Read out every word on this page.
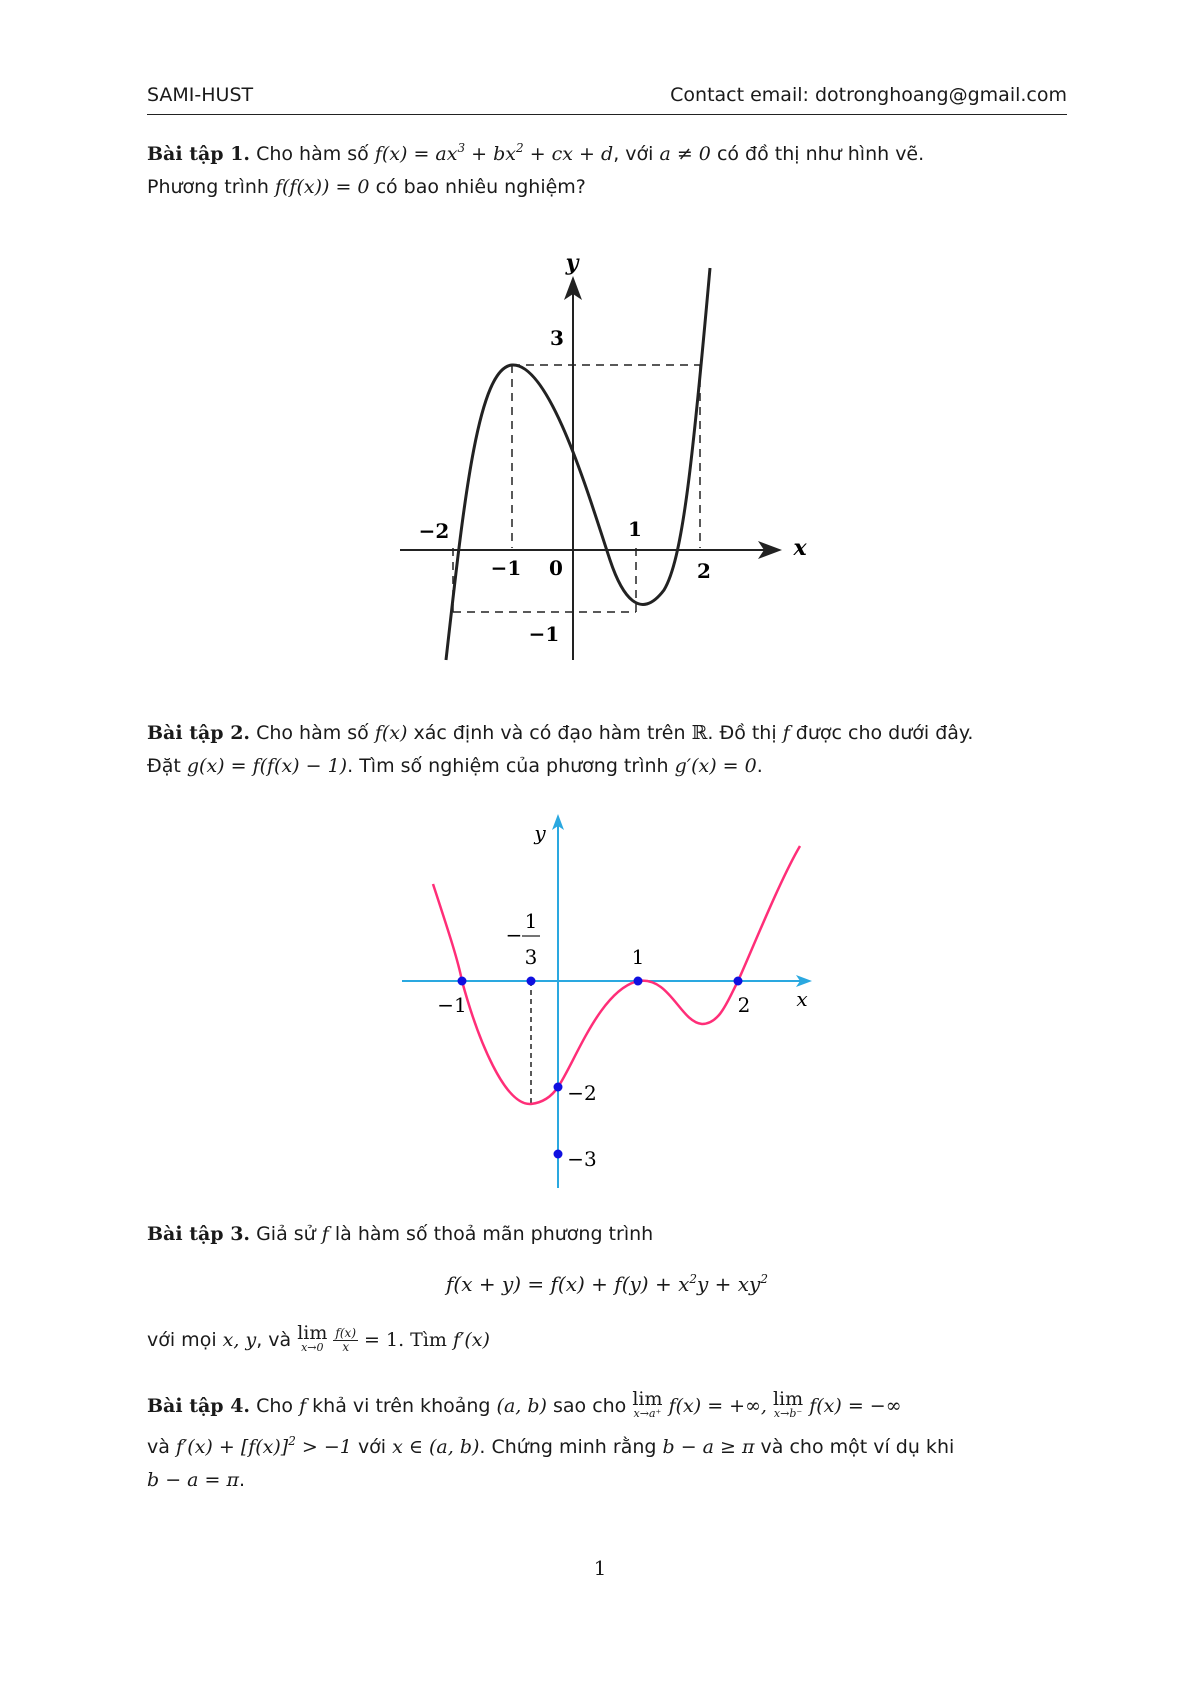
SAMI-HUST	Contact email: dotronghoang@gmail.com
Bài tập 1. Cho hàm số $f(x) = ax^3 + bx^2$ + cx + d, với a ≠ 0 có đồ thị như hình vẽ.
Phương trình f(f(x)) = 0 có bao nhiêu nghiệm?
y
x
3
−2
−1 0
1
2
−1
Bài tập 2. Cho hàm số f(x) xác định và có đạo hàm trên ℝ. Đồ thị f được cho dưới đây.
Đặt g(x) = f(f(x) − 1). Tìm số nghiệm của phương trình g′(x) = 0.
y
x
−
1
3	1
−1	2
−2
−3
Bài tập 3. Giả sử f là hàm số thoả mãn phương trình
$f(x + y) = f(x) + f(y) + x^2y + xy^2$
với mọi x, y, và lim
x→0
$\frac{f(x)}{x} = 1$. Tìm f′(x)
Bài tập 4. Cho f khả vi trên khoảng (a, b) sao cho lim
x→a⁺ f(x) = +∞, lim
x→b⁻ f(x) = −∞
và $f'(x) + [f(x)]^2 > -1$ với x ∈ (a, b). Chứng minh rằng b − a ≥ π và cho một ví dụ khi
b − a = π.
1
